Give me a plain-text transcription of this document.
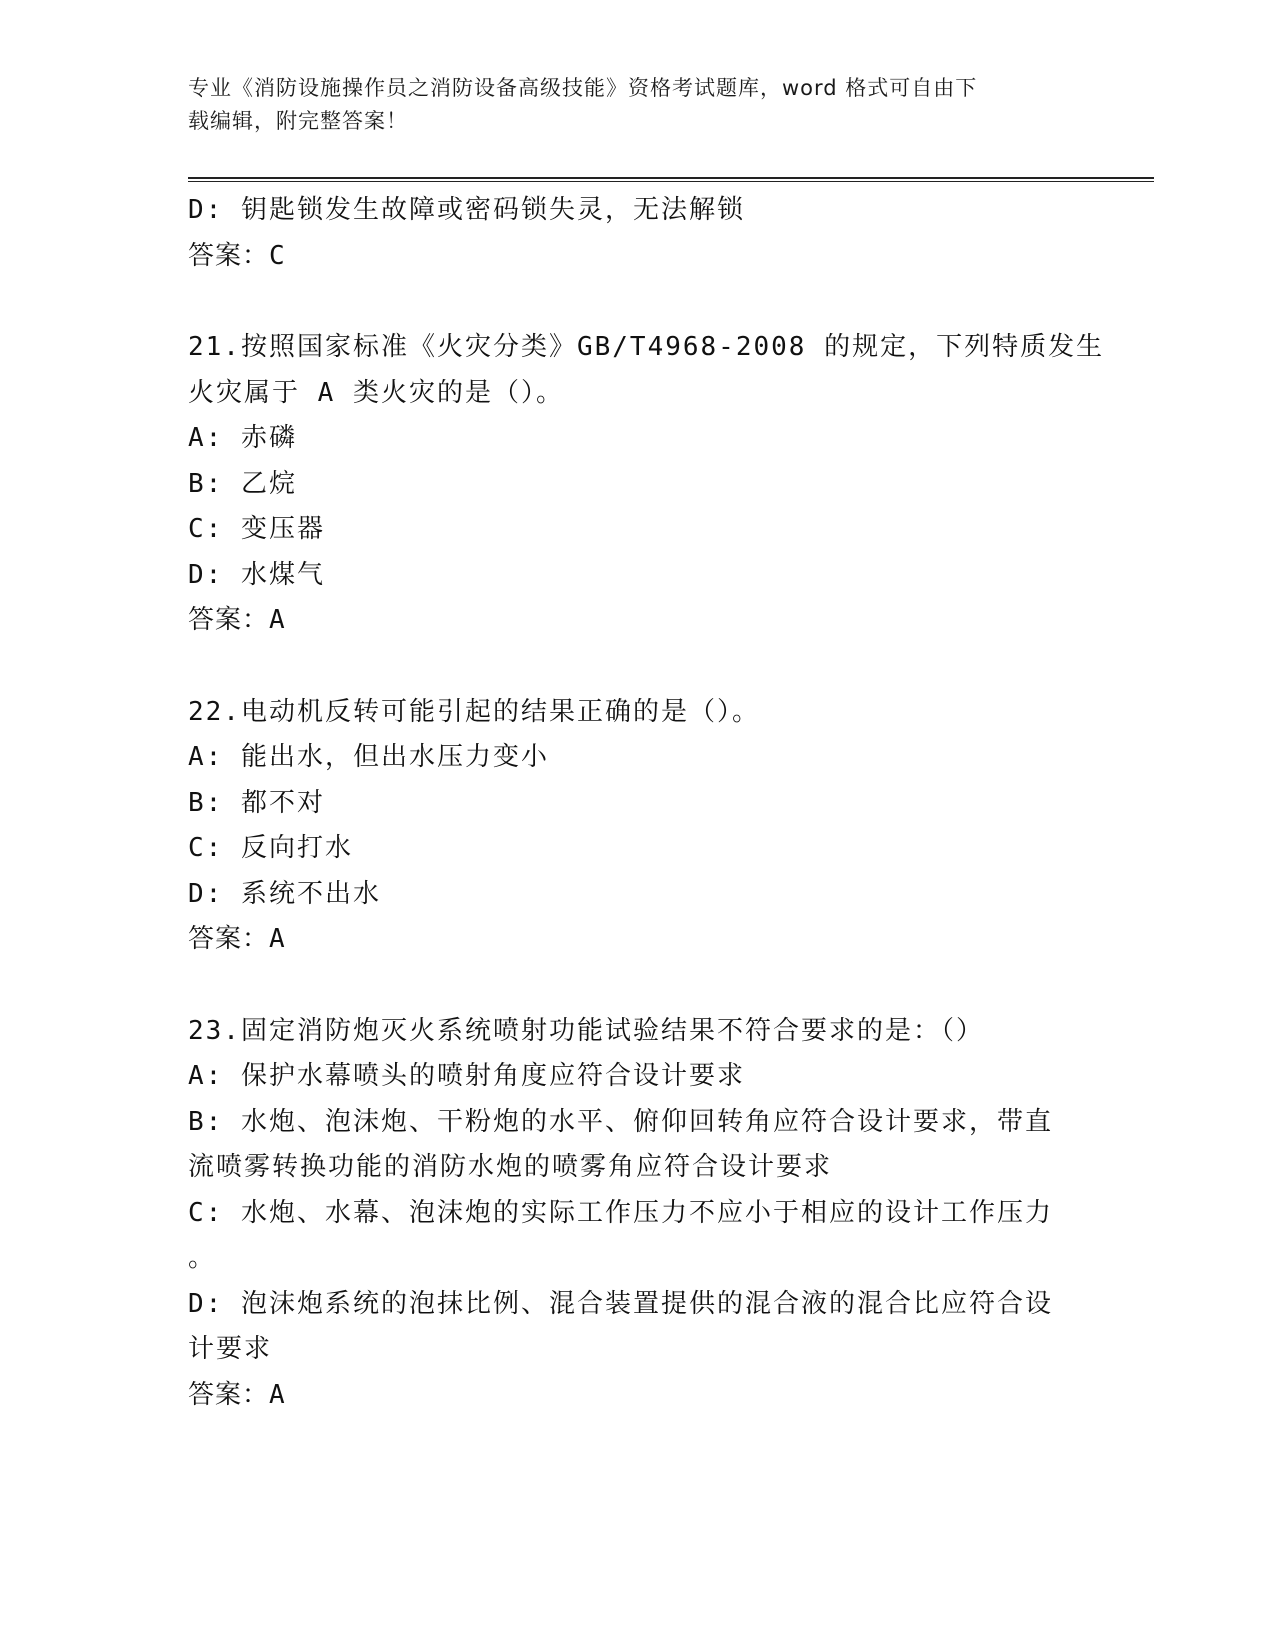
专业《消防设施操作员之消防设备高级技能》资格考试题库，word 格式可自由下
载编辑，附完整答案！
D: 钥匙锁发生故障或密码锁失灵，无法解锁
答案：C
21.按照国家标准《火灾分类》GB/T4968-2008 的规定，下列特质发生
火灾属于 A 类火灾的是（）。
A: 赤磷
B: 乙烷
C: 变压器
D: 水煤气
答案：A
22.电动机反转可能引起的结果正确的是（）。
A: 能出水，但出水压力变小
B: 都不对
C: 反向打水
D: 系统不出水
答案：A
23.固定消防炮灭火系统喷射功能试验结果不符合要求的是：（）
A: 保护水幕喷头的喷射角度应符合设计要求
B: 水炮、泡沫炮、干粉炮的水平、俯仰回转角应符合设计要求，带直
流喷雾转换功能的消防水炮的喷雾角应符合设计要求
C: 水炮、水幕、泡沫炮的实际工作压力不应小于相应的设计工作压力
。
D: 泡沫炮系统的泡抹比例、混合装置提供的混合液的混合比应符合设
计要求
答案：A
